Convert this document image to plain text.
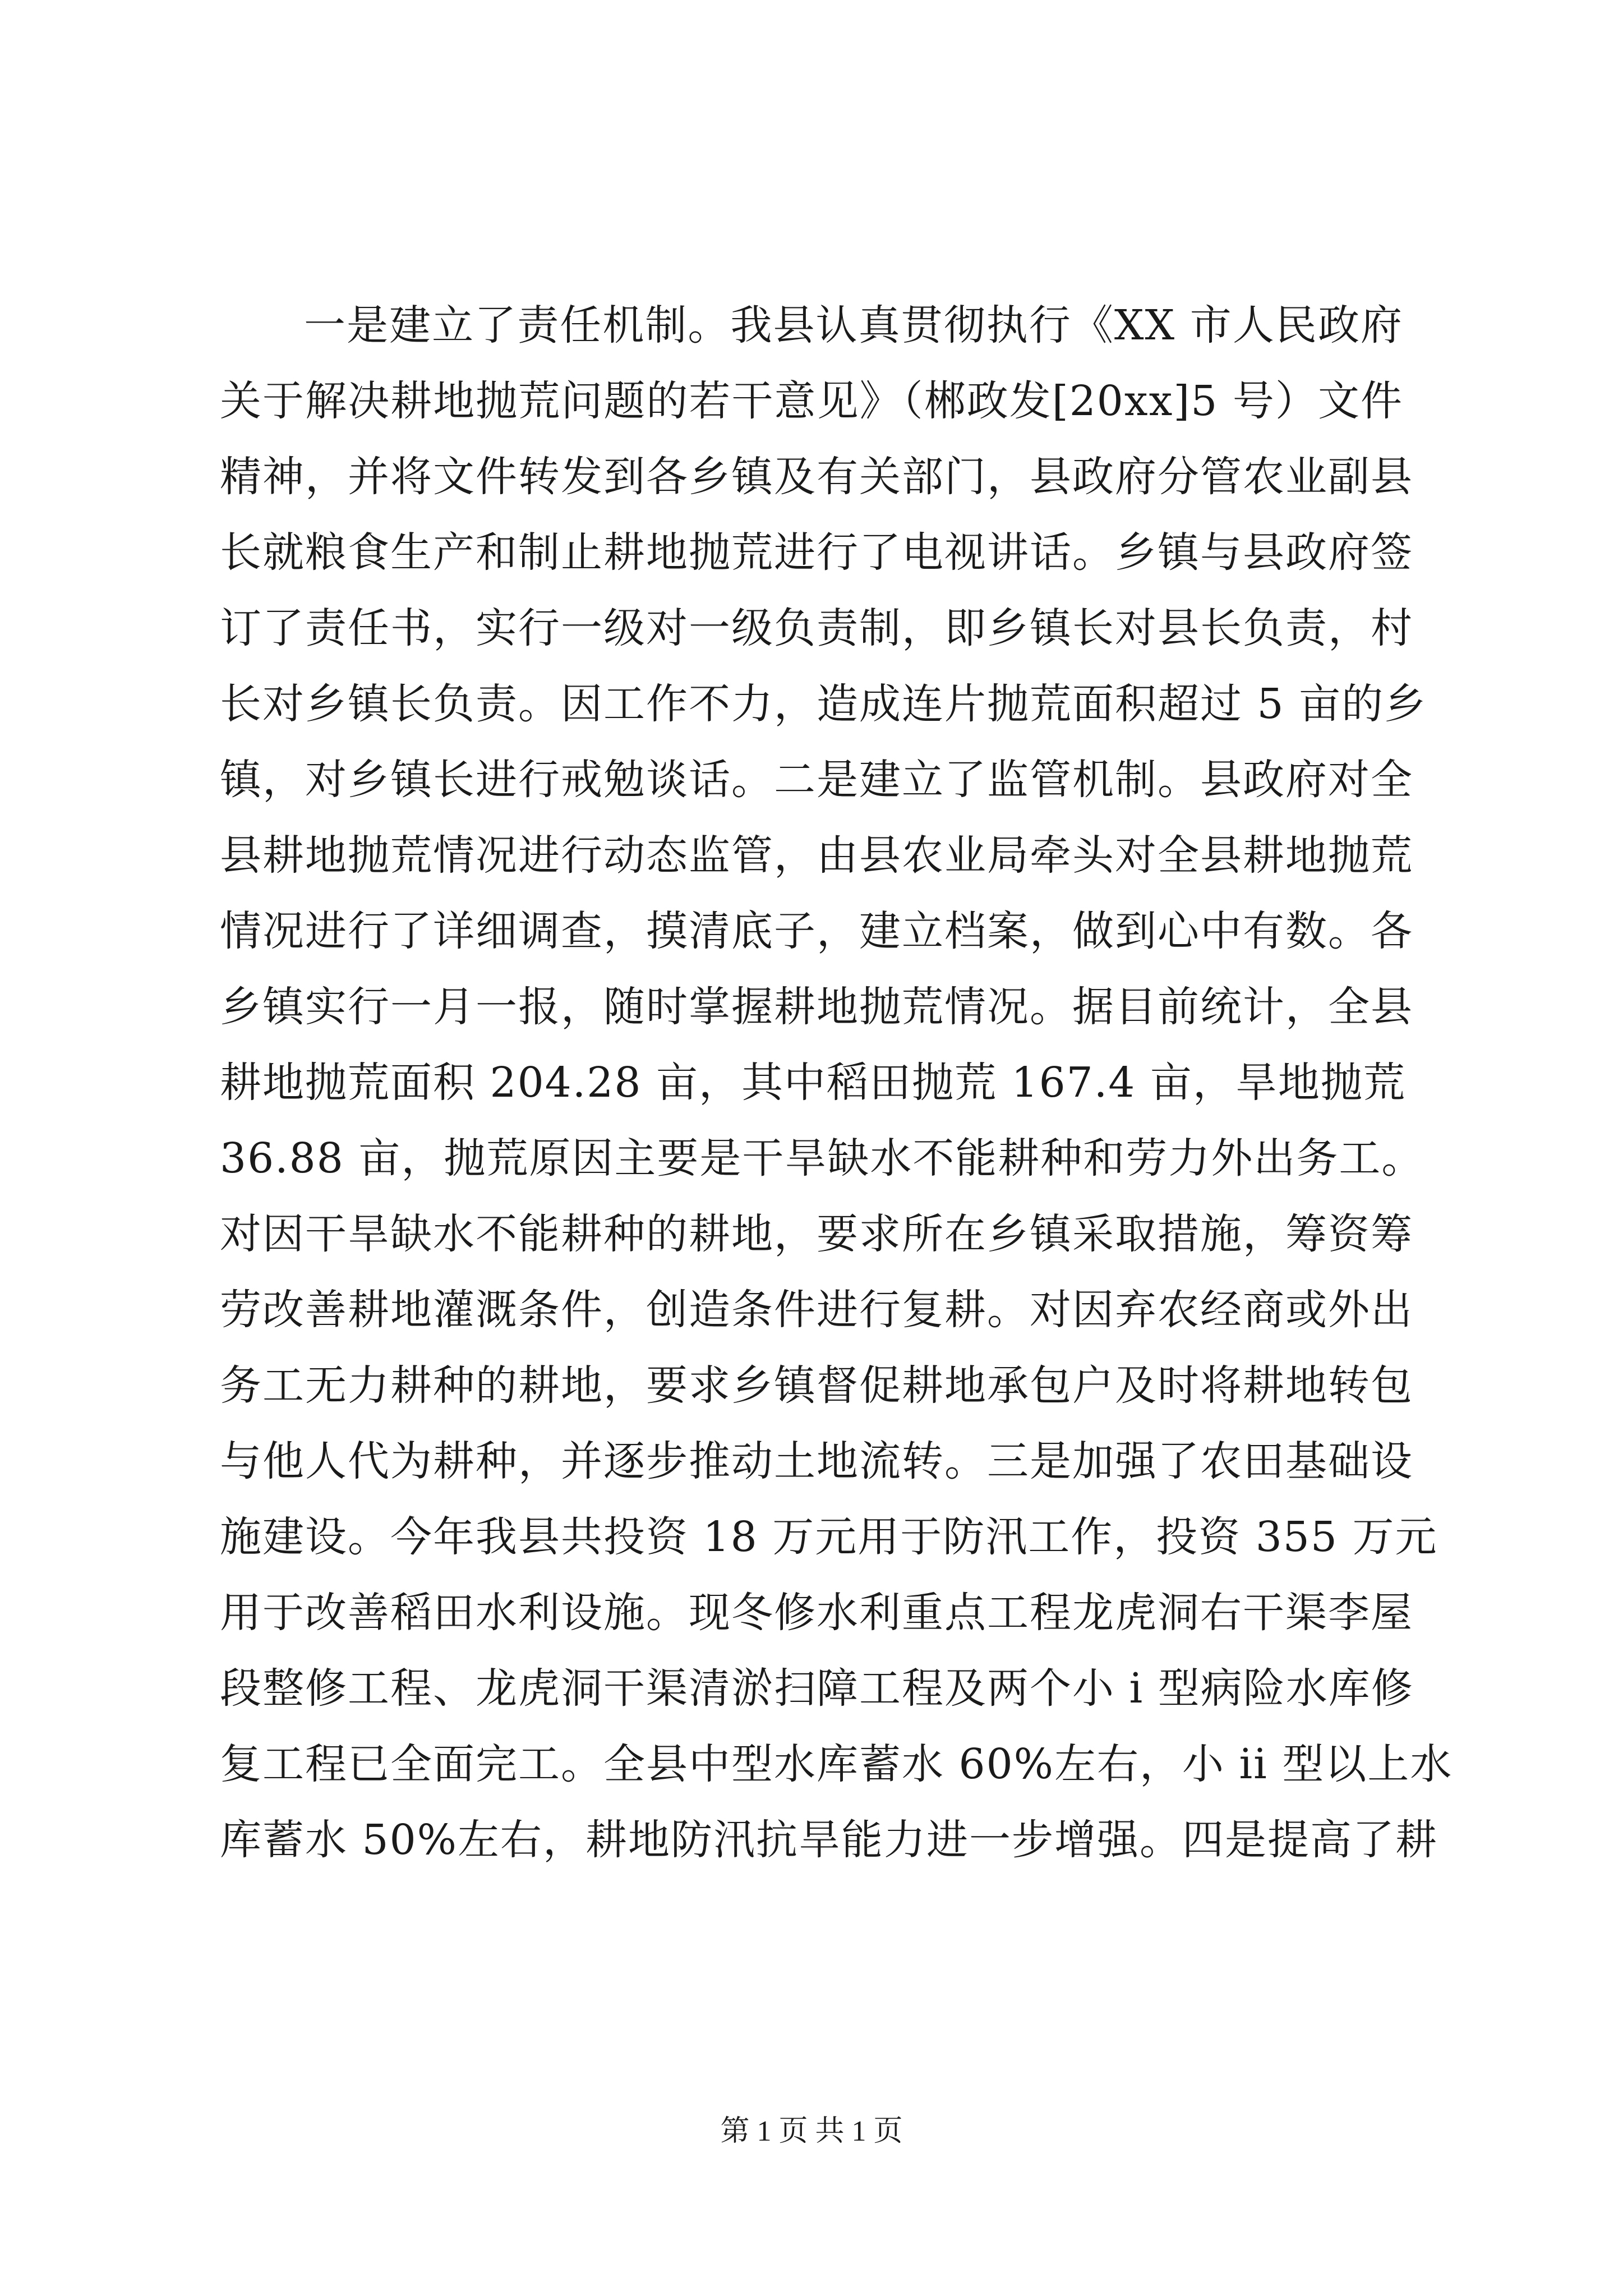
一是建立了责任机制。我县认真贯彻执行《XX 市人民政府
关于解决耕地抛荒问题的若干意见》（郴政发[20xx]5 号）文件
精神，并将文件转发到各乡镇及有关部门，县政府分管农业副县
长就粮食生产和制止耕地抛荒进行了电视讲话。乡镇与县政府签
订了责任书，实行一级对一级负责制，即乡镇长对县长负责，村
长对乡镇长负责。因工作不力，造成连片抛荒面积超过 5 亩的乡
镇，对乡镇长进行戒勉谈话。二是建立了监管机制。县政府对全
县耕地抛荒情况进行动态监管，由县农业局牵头对全县耕地抛荒
情况进行了详细调查，摸清底子，建立档案，做到心中有数。各
乡镇实行一月一报，随时掌握耕地抛荒情况。据目前统计，全县
耕地抛荒面积 204.28 亩，其中稻田抛荒 167.4 亩，旱地抛荒
36.88 亩，抛荒原因主要是干旱缺水不能耕种和劳力外出务工。
对因干旱缺水不能耕种的耕地，要求所在乡镇采取措施，筹资筹
劳改善耕地灌溉条件，创造条件进行复耕。对因弃农经商或外出
务工无力耕种的耕地，要求乡镇督促耕地承包户及时将耕地转包
与他人代为耕种，并逐步推动土地流转。三是加强了农田基础设
施建设。今年我县共投资 18 万元用于防汛工作，投资 355 万元
用于改善稻田水利设施。现冬修水利重点工程龙虎洞右干渠李屋
段整修工程、龙虎洞干渠清淤扫障工程及两个小 i 型病险水库修
复工程已全面完工。全县中型水库蓄水 60%左右，小 ii 型以上水
库蓄水 50%左右，耕地防汛抗旱能力进一步增强。四是提高了耕
第 1 页 共 1 页
